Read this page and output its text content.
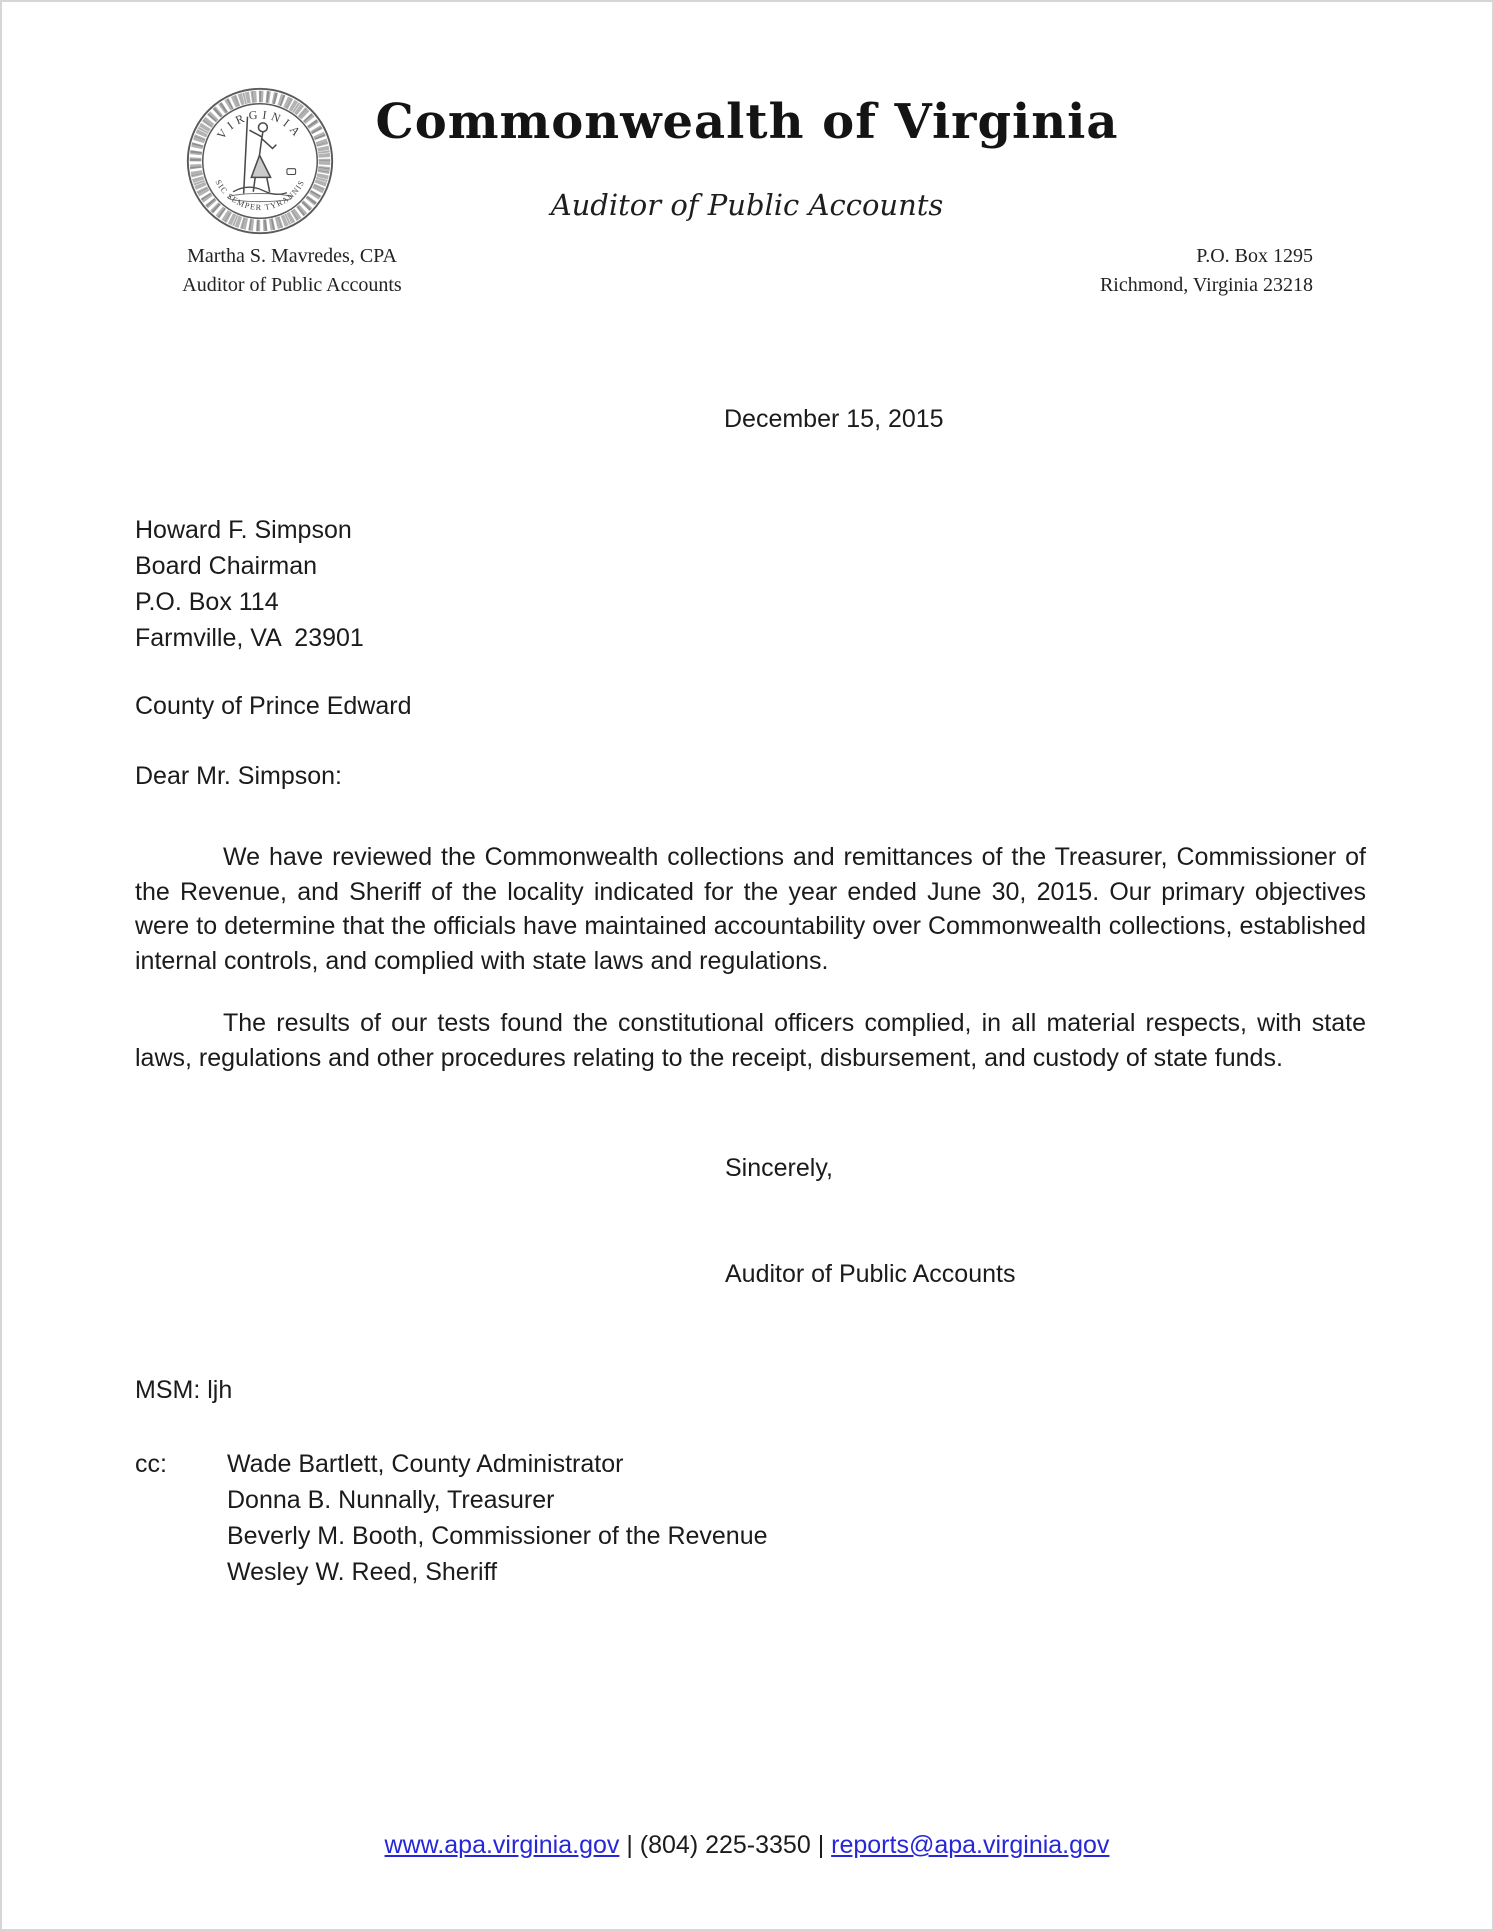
VIRGINIA
SIC SEMPER TYRANNIS
Commonwealth of Virginia
Auditor of Public Accounts
Martha S. Mavredes, CPA
Auditor of Public Accounts
P.O. Box 1295
Richmond, Virginia 23218
December 15, 2015
Howard F. Simpson
Board Chairman
P.O. Box 114
Farmville, VA  23901
County of Prince Edward
Dear Mr. Simpson:

We have reviewed the Commonwealth collections and remittances of the Treasurer, Commissioner of the Revenue, and Sheriff of the locality indicated for the year ended June 30, 2015. Our primary objectives were to determine that the officials have maintained accountability over Commonwealth collections, established internal controls, and complied with state laws and regulations.

The results of our tests found the constitutional officers complied, in all material respects, with state laws, regulations and other procedures relating to the receipt, disbursement, and custody of state funds.

Sincerely,
Auditor of Public Accounts
MSM: ljh
cc:	Wade Bartlett, County Administrator
Donna B. Nunnally, Treasurer
Beverly M. Booth, Commissioner of the Revenue
Wesley W. Reed, Sheriff
www.apa.virginia.gov | (804) 225-3350 | reports@apa.virginia.gov
